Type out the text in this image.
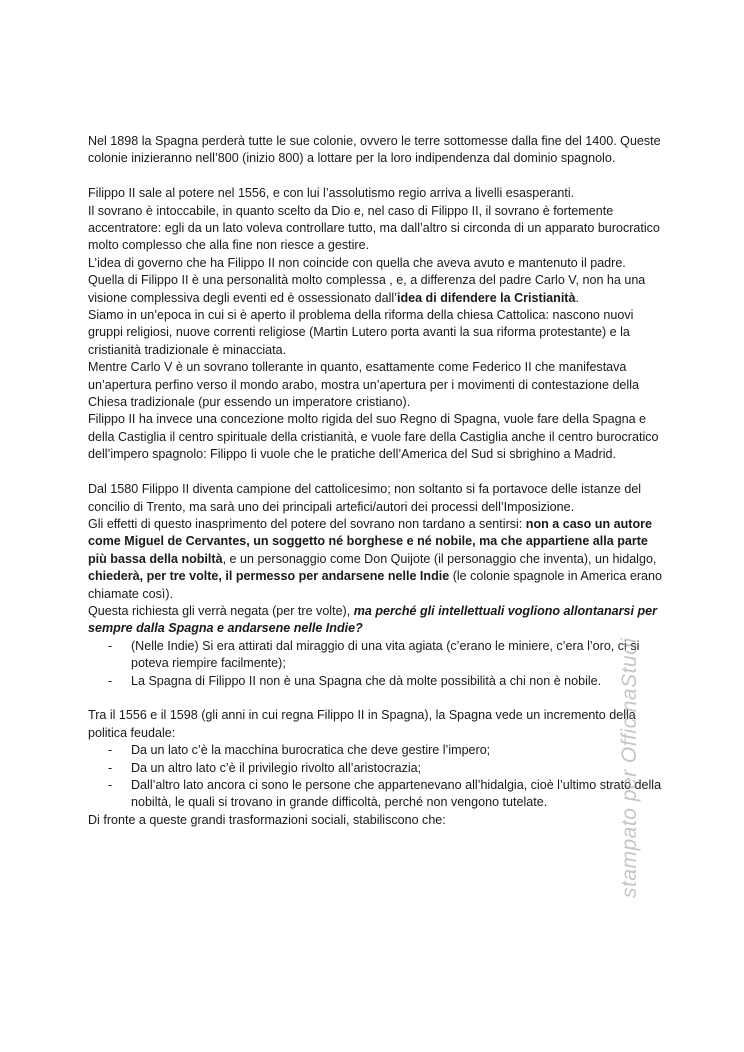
Nel 1898 la Spagna perderà tutte le sue colonie, ovvero le terre sottomesse dalla fine del 1400. Queste colonie inizieranno nell’800 (inizio 800) a lottare per la loro indipendenza dal dominio spagnolo.

Filippo II sale al potere nel 1556, e con lui l’assolutismo regio arriva a livelli esasperanti.

Il sovrano è intoccabile, in quanto scelto da Dio e, nel caso di Filippo II, il sovrano è fortemente accentratore: egli da un lato voleva controllare tutto, ma dall’altro si circonda di un apparato burocratico molto complesso che alla fine non riesce a gestire.

L’idea di governo che ha Filippo II non coincide con quella che aveva avuto e mantenuto il padre.

Quella di Filippo II è una personalità molto complessa , e, a differenza del padre Carlo V, non ha una visione complessiva degli eventi ed è ossessionato dall’idea di difendere la Cristianità.

Siamo in un’epoca in cui si è aperto il problema della riforma della chiesa Cattolica: nascono nuovi gruppi religiosi, nuove correnti religiose (Martin Lutero porta avanti la sua riforma protestante) e la cristianità tradizionale è minacciata.

Mentre Carlo V è un sovrano tollerante in quanto, esattamente come Federico II che manifestava un’apertura perfino verso il mondo arabo, mostra un’apertura per i movimenti di contestazione della Chiesa tradizionale (pur essendo un imperatore cristiano).

Filippo II ha invece una concezione molto rigida del suo Regno di Spagna, vuole fare della Spagna e della Castiglia il centro spirituale della cristianità, e vuole fare della Castiglia anche il centro burocratico dell’impero spagnolo: Filippo Ii vuole che le pratiche dell’America del Sud si sbrighino a Madrid.

Dal 1580 Filippo II diventa campione del cattolicesimo; non soltanto si fa portavoce delle istanze del concilio di Trento, ma sarà uno dei principali artefici/autori dei processi dell’Imposizione.

Gli effetti di questo inasprimento del potere del sovrano non tardano a sentirsi: non a caso un autore come Miguel de Cervantes, un soggetto né borghese e né nobile, ma che appartiene alla parte più bassa della nobiltà, e un personaggio come Don Quijote (il personaggio che inventa), un hidalgo, chiederà, per tre volte, il permesso per andarsene nelle Indie (le colonie spagnole in America erano chiamate così).

Questa richiesta gli verrà negata (per tre volte), ma perché gli intellettuali vogliono allontanarsi per sempre dalla Spagna e andarsene nelle Indie?

- (Nelle Indie) Si era attirati dal miraggio di una vita agiata (c’erano le miniere, c’era l’oro, ci si poteva riempire facilmente);
- La Spagna di Filippo II non è una Spagna che dà molte possibilità a chi non è nobile.

Tra il 1556 e il 1598 (gli anni in cui regna Filippo II in Spagna), la Spagna vede un incremento della politica feudale:

- Da un lato c’è la macchina burocratica che deve gestire l’impero;
- Da un altro lato c’è il privilegio rivolto all’aristocrazia;
- Dall’altro lato ancora ci sono le persone che appartenevano all’hidalgia, cioè l’ultimo strato della nobiltà, le quali si trovano in grande difficoltà, perché non vengono tutelate.

Di fronte a queste grandi trasformazioni sociali, stabiliscono che:	stampato per OfficinaStudi
